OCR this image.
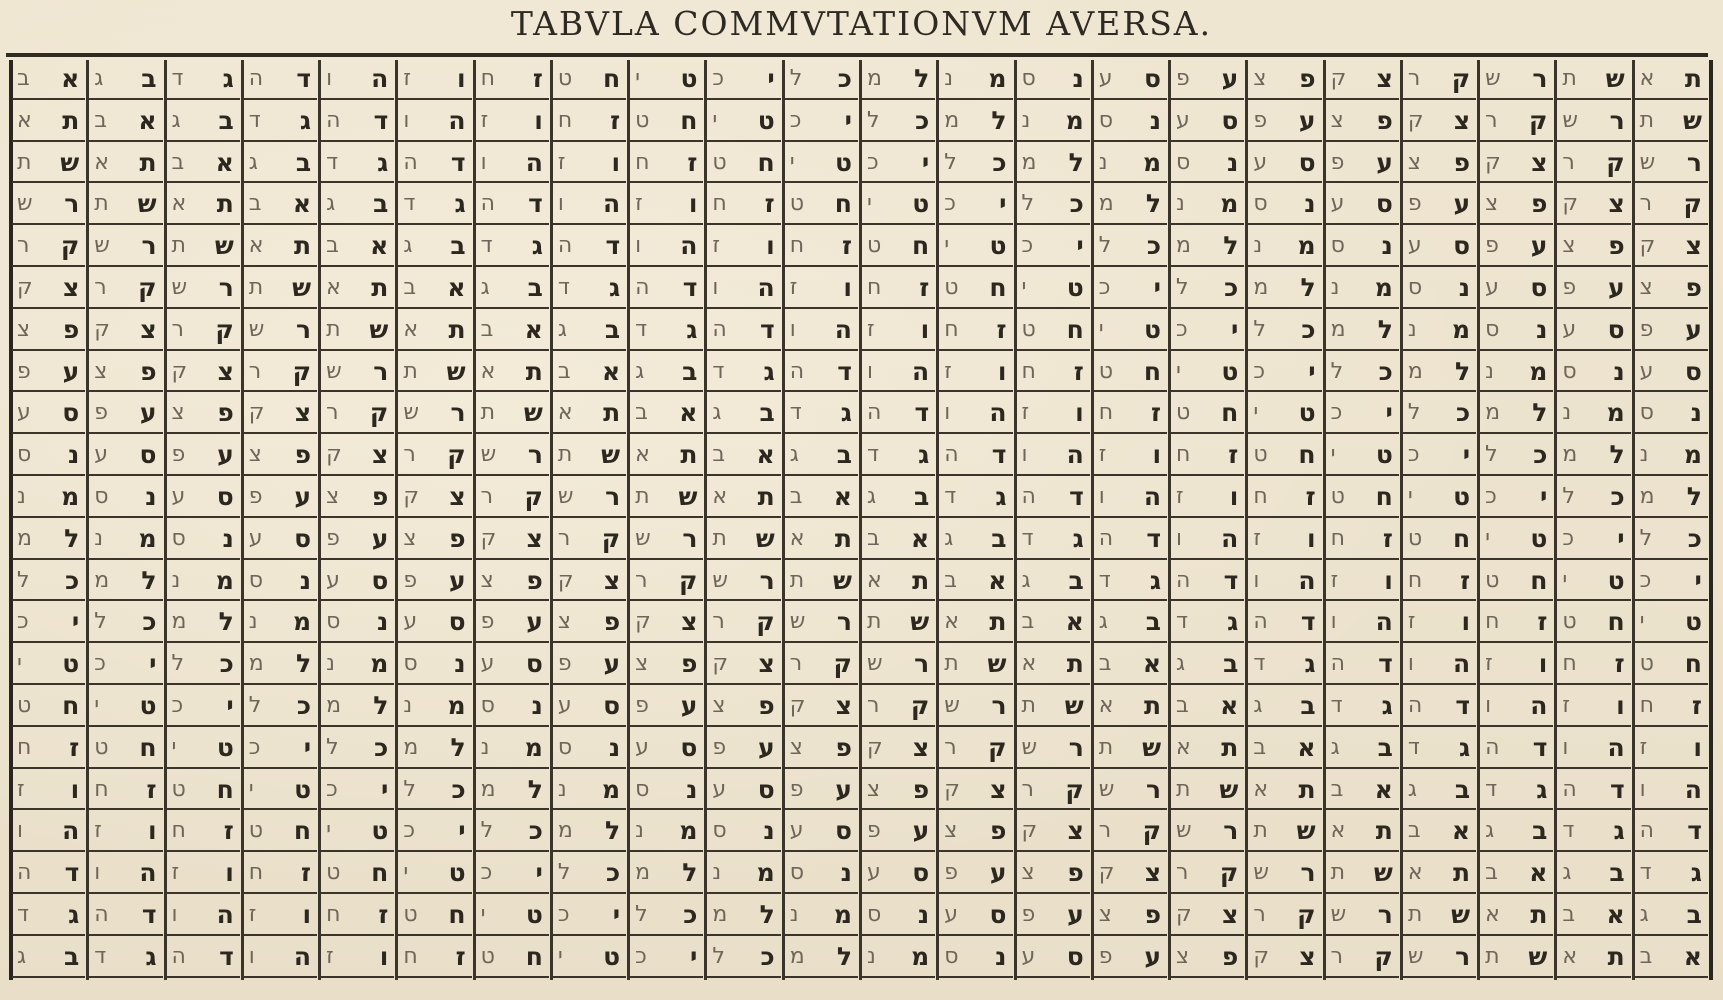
TABVLA COMMVTATIONVM AVERSA.
א ת
ת ש
ש ר
ר ק
ק צ
צ פ
פ ע
ע ס
ס נ
נ מ
מ ל
ל כ
כ י
י ט
ט ח
ח ז
ז ו
ו ה
ה ד
ד ג
ג ב
ב א
ת ש
ש ר
ר ק
ק צ
צ פ
פ ע
ע ס
ס נ
נ מ
מ ל
ל כ
כ י
י ט
ט ח
ח ז
ז ו
ו ה
ה ד
ד ג
ג ב
ב א
א ת
ש ר
ר ק
ק צ
צ פ
פ ע
ע ס
ס נ
נ מ
מ ל
ל כ
כ י
י ט
ט ח
ח ז
ז ו
ו ה
ה ד
ד ג
ג ב
ב א
א ת
ת ש
ר ק
ק צ
צ פ
פ ע
ע ס
ס נ
נ מ
מ ל
ל כ
כ י
י ט
ט ח
ח ז
ז ו
ו ה
ה ד
ד ג
ג ב
ב א
א ת
ת ש
ש ר
ק צ
צ פ
פ ע
ע ס
ס נ
נ מ
מ ל
ל כ
כ י
י ט
ט ח
ח ז
ז ו
ו ה
ה ד
ד ג
ג ב
ב א
א ת
ת ש
ש ר
ר ק
צ פ
פ ע
ע ס
ס נ
נ מ
מ ל
ל כ
כ י
י ט
ט ח
ח ז
ז ו
ו ה
ה ד
ד ג
ג ב
ב א
א ת
ת ש
ש ר
ר ק
ק צ
פ ע
ע ס
ס נ
נ מ
מ ל
ל כ
כ י
י ט
ט ח
ח ז
ז ו
ו ה
ה ד
ד ג
ג ב
ב א
א ת
ת ש
ש ר
ר ק
ק צ
צ פ
ע ס
ס נ
נ מ
מ ל
ל כ
כ י
י ט
ט ח
ח ז
ז ו
ו ה
ה ד
ד ג
ג ב
ב א
א ת
ת ש
ש ר
ר ק
ק צ
צ פ
פ ע
ס נ
נ מ
מ ל
ל כ
כ י
י ט
ט ח
ח ז
ז ו
ו ה
ה ד
ד ג
ג ב
ב א
א ת
ת ש
ש ר
ר ק
ק צ
צ פ
פ ע
ע ס
נ מ
מ ל
ל כ
כ י
י ט
ט ח
ח ז
ז ו
ו ה
ה ד
ד ג
ג ב
ב א
א ת
ת ש
ש ר
ר ק
ק צ
צ פ
פ ע
ע ס
ס נ
מ ל
ל כ
כ י
י ט
ט ח
ח ז
ז ו
ו ה
ה ד
ד ג
ג ב
ב א
א ת
ת ש
ש ר
ר ק
ק צ
צ פ
פ ע
ע ס
ס נ
נ מ
ל כ
כ י
י ט
ט ח
ח ז
ז ו
ו ה
ה ד
ד ג
ג ב
ב א
א ת
ת ש
ש ר
ר ק
ק צ
צ פ
פ ע
ע ס
ס נ
נ מ
מ ל
כ י
י ט
ט ח
ח ז
ז ו
ו ה
ה ד
ד ג
ג ב
ב א
א ת
ת ש
ש ר
ר ק
ק צ
צ פ
פ ע
ע ס
ס נ
נ מ
מ ל
ל כ
י ט
ט ח
ח ז
ז ו
ו ה
ה ד
ד ג
ג ב
ב א
א ת
ת ש
ש ר
ר ק
ק צ
צ פ
פ ע
ע ס
ס נ
נ מ
מ ל
ל כ
כ י
ט ח
ח ז
ז ו
ו ה
ה ד
ד ג
ג ב
ב א
א ת
ת ש
ש ר
ר ק
ק צ
צ פ
פ ע
ע ס
ס נ
נ מ
מ ל
ל כ
כ י
י ט
ח ז
ז ו
ו ה
ה ד
ד ג
ג ב
ב א
א ת
ת ש
ש ר
ר ק
ק צ
צ פ
פ ע
ע ס
ס נ
נ מ
מ ל
ל כ
כ י
י ט
ט ח
ז ו
ו ה
ה ד
ד ג
ג ב
ב א
א ת
ת ש
ש ר
ר ק
ק צ
צ פ
פ ע
ע ס
ס נ
נ מ
מ ל
ל כ
כ י
י ט
ט ח
ח ז
ו ה
ה ד
ד ג
ג ב
ב א
א ת
ת ש
ש ר
ר ק
ק צ
צ פ
פ ע
ע ס
ס נ
נ מ
מ ל
ל כ
כ י
י ט
ט ח
ח ז
ז ו
ה ד
ד ג
ג ב
ב א
א ת
ת ש
ש ר
ר ק
ק צ
צ פ
פ ע
ע ס
ס נ
נ מ
מ ל
ל כ
כ י
י ט
ט ח
ח ז
ז ו
ו ה
ד ג
ג ב
ב א
א ת
ת ש
ש ר
ר ק
ק צ
צ פ
פ ע
ע ס
ס נ
נ מ
מ ל
ל כ
כ י
י ט
ט ח
ח ז
ז ו
ו ה
ה ד
ג ב
ב א
א ת
ת ש
ש ר
ר ק
ק צ
צ פ
פ ע
ע ס
ס נ
נ מ
מ ל
ל כ
כ י
י ט
ט ח
ח ז
ז ו
ו ה
ה ד
ד ג
ב א
א ת
ת ש
ש ר
ר ק
ק צ
צ פ
פ ע
ע ס
ס נ
נ מ
מ ל
ל כ
כ י
י ט
ט ח
ח ז
ז ו
ו ה
ה ד
ד ג
ג ב
